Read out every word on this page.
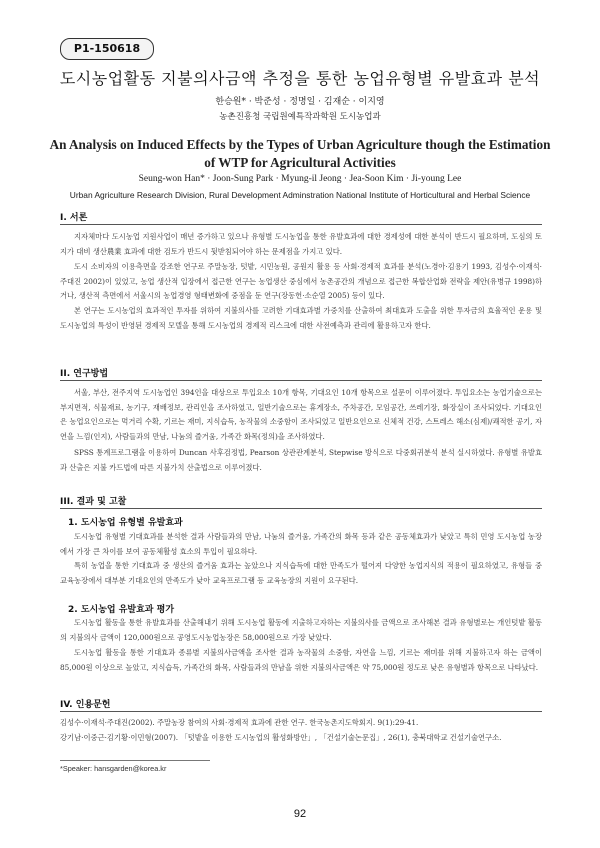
P1-150618
도시농업활동 지불의사금액 추정을 통한 농업유형별 유발효과 분석
한승원* · 박준성 · 정명일 · 김재순 · 이지영
농촌진흥청 국립원예특작과학원 도시농업과
An Analysis on Induced Effects by the Types of Urban Agriculture though the Estimation of WTP for Agricultural Activities
Seung-won Han* · Joon-Sung Park · Myung-il Jeong · Jea-Soon Kim · Ji-young Lee
Urban Agriculture Research Division, Rural Development Adminstration National Institute of Horticultural and Herbal Science
I. 서론

지자체마다 도시농업 지원사업이 매년 증가하고 있으나 유형별 도시농업을 통한 유발효과에 대한 경제성에 대한 분석이 반드시 필요하며, 도심의 토지가 대비 생산農業 효과에 대한 검토가 반드시 뒷받침되어야 하는 문제점을 가지고 있다.

도시 소비자의 이용측면을 강조한 연구로 주말농장, 텃밭, 시민농원, 공원지 활용 등 사회·경제적 효과를 분석(노경아·김용기 1993, 김성수·이재석·주대진 2002)이 있었고, 농업 생산적 입장에서 접근한 연구는 농업생산 중심에서 농촌공간의 개념으로 접근한 복합산업화 전략을 제안(유병규 1998)하거나, 생산적 측면에서 서울시의 농업경영 형태변화에 중점을 둔 연구(장동헌·소순열 2005) 등이 있다.

본 연구는 도시농업의 효과적인 투자를 위하여 지불의사를 고려한 기대효과별 가중치를 산출하여 최대효과 도출을 위한 투자금의 효율적인 운용 및 도시농업의 특성이 반영된 경제적 모델을 통해 도시농업의 경제적 리스크에 대한 사전예측과 관리에 활용하고자 한다.

II. 연구방법

서울, 부산, 전주지역 도시농업인 394인을 대상으로 투입요소 10개 항목, 기대요인 10개 항목으로 설문이 이루어졌다. 투입요소는 농업기술으로는 부지면적, 식물재료, 농기구, 재배정보, 관리인을 조사하였고, 일반기술으로는 휴게장소, 주차공간, 모임공간, 쓰레기장, 화장실이 조사되었다. 기대요인은 농업요인으로는 먹거리 수확, 기르는 재미, 지식습득, 농작물의 소중함이 조사되었고 일반요인으로 신체적 건강, 스트레스 해소(심제)/쾌적한 공기, 자연을 느낌(인지), 사람들과의 만남, 나눔의 즐거움, 가족간 화목(정의)을 조사하였다.

SPSS 통계프로그램을 이용하여 Duncan 사후검정법, Pearson 상관관계분석, Stepwise 방식으로 다중회귀분석 분석 실시하였다. 유형별 유발효과 산출은 지불 카드법에 따른 지불가치 산출법으로 이루어졌다.

III. 결과 및 고찰
1. 도시농업 유형별 유발효과

도시농업 유형별 기대효과를 분석한 결과 사람들과의 만남, 나눔의 즐거움, 가족간의 화목 등과 같은 공동체효과가 낮았고 특히 민영 도시농업 농장에서 가장 큰 차이를 보여 공동체활성 효소의 투입이 필요하다.

특히 농업을 통한 기대효과 중 생산의 즐거움 효과는 높았으나 지식습득에 대한 만족도가 떨어져 다양한 농업지식의 적용이 필요하였고, 유형들 중 교육농장에서 대부분 기대요인의 만족도가 낮아 교육프로그램 등 교육농장의 지원이 요구된다.

2. 도시농업 유발효과 평가

도시농업 활동을 통한 유발효과를 산출해내기 위해 도시농업 활동에 지출하고자하는 지불의사를 금액으로 조사해본 결과 유형별로는 개인텃밭 활동의 지불의사 금액이 120,000원으로 공영도시농업농장은 58,000원으로 가장 낮았다.

도시농업 활동을 통한 기대효과 종류별 지불의사금액을 조사한 결과 농작물의 소중함, 자연을 느낌, 기르는 재미를 위해 지불하고자 하는 금액이 85,000원 이상으로 높았고, 지식습득, 가족간의 화목, 사람들과의 만남을 위한 지불의사금액은 약 75,000원 정도로 낮은 유형별과 항목으로 나타났다.

IV. 인용문헌

김성수·이재석·주대진(2002). 주말농장 참여의 사회·경제적 효과에 관한 연구. 한국농촌지도학회지. 9(1):29-41.

강기남·이중근·김기황·이민형(2007). 「텃밭을 이용한 도시농업의 활성화방안」, 「건설기술논문집」, 26(1), 충북대학교 건설기술연구소.

*Speaker: hansgarden@korea.kr
92
